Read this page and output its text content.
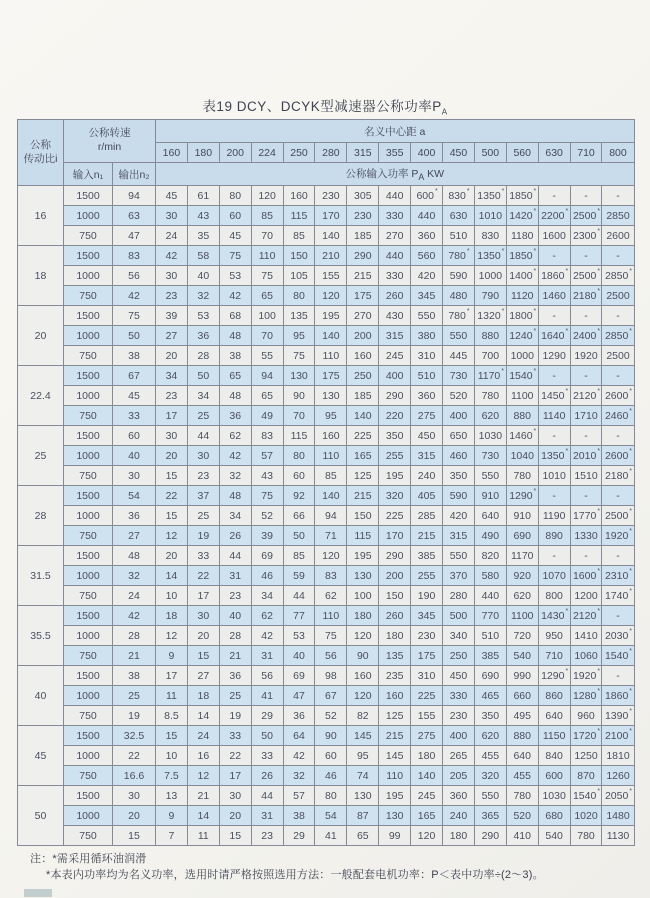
表19 DCY、DCYK型减速器公称功率$P_A$
公称
传动比i	公称转速
r/min		名义中心距 a														
			160	180	200	224	250	280	315	355	400	450	500	560	630	710	800
	输入n₁	输出n₂	公称输入功率 $P_A$ KW														
16	1500	94	45	61	80	120	160	230	305	440	600*	830*	1350*	1850*	-	-	-
	1000	63	30	43	60	85	115	170	230	330	440	630	1010	1420*	2200*	2500*	2850
	750	47	24	35	45	70	85	140	185	270	360	510	830	1180	1600	2300*	2600
18	1500	83	42	58	75	110	150	210	290	440	560	780*	1350*	1850*	-	-	-
	1000	56	30	40	53	75	105	155	215	330	420	590	1000	1400*	1860*	2500*	2850*
	750	42	23	32	42	65	80	120	175	260	345	480	790	1120	1460	2180*	2500
20	1500	75	39	53	68	100	135	195	270	430	550	780*	1320*	1800*	-	-	-
	1000	50	27	36	48	70	95	140	200	315	380	550	880	1240*	1640*	2400*	2850*
	750	38	20	28	38	55	75	110	160	245	310	445	700	1000	1290	1920	2500
22.4	1500	67	34	50	65	94	130	175	250	400	510	730	1170*	1540*	-	-	-
	1000	45	23	34	48	65	90	130	185	290	360	520	780	1100	1450*	2120*	2600*
	750	33	17	25	36	49	70	95	140	220	275	400	620	880	1140	1710	2460*
25	1500	60	30	44	62	83	115	160	225	350	450	650	1030	1460*	-	-	-
	1000	40	20	30	42	57	80	110	165	255	315	460	730	1040	1350*	2010*	2600*
	750	30	15	23	32	43	60	85	125	195	240	350	550	780	1010	1510	2180*
28	1500	54	22	37	48	75	92	140	215	320	405	590	910	1290*	-	-	-
	1000	36	15	25	34	52	66	94	150	225	285	420	640	910	1190	1770*	2500*
	750	27	12	19	26	39	50	71	115	170	215	315	490	690	890	1330	1920*
31.5	1500	48	20	33	44	69	85	120	195	290	385	550	820	1170	-	-	-
	1000	32	14	22	31	46	59	83	130	200	255	370	580	920	1070	1600*	2310*
	750	24	10	17	23	34	44	62	100	150	190	280	440	620	800	1200	1740*
35.5	1500	42	18	30	40	62	77	110	180	260	345	500	770	1100	1430*	2120*	-
	1000	28	12	20	28	42	53	75	120	180	230	340	510	720	950	1410	2030*
	750	21	9	15	21	31	40	56	90	135	175	250	385	540	710	1060	1540*
40	1500	38	17	27	36	56	69	98	160	235	310	450	690	990	1290*	1920*	-
	1000	25	11	18	25	41	47	67	120	160	225	330	465	660	860	1280*	1860*
	750	19	8.5	14	19	29	36	52	82	125	155	230	350	495	640	960	1390*
45	1500	32.5	15	24	33	50	64	90	145	215	275	400	620	880	1150	1720*	2100*
	1000	22	10	16	22	33	42	60	95	145	180	265	455	640	840	1250	1810
	750	16.6	7.5	12	17	26	32	46	74	110	140	205	320	455	600	870	1260
50	1500	30	13	21	30	44	57	80	130	195	245	360	550	780	1030	1540*	2050*
	1000	20	9	14	20	31	38	54	87	130	165	240	365	520	680	1020	1480
	750	15	7	11	15	23	29	41	65	99	120	180	290	410	540	780	1130
注：*需采用循环油润滑
*本表内功率均为名义功率，选用时请严格按照选用方法：一般配套电机功率：P＜表中功率÷(2～3)。
